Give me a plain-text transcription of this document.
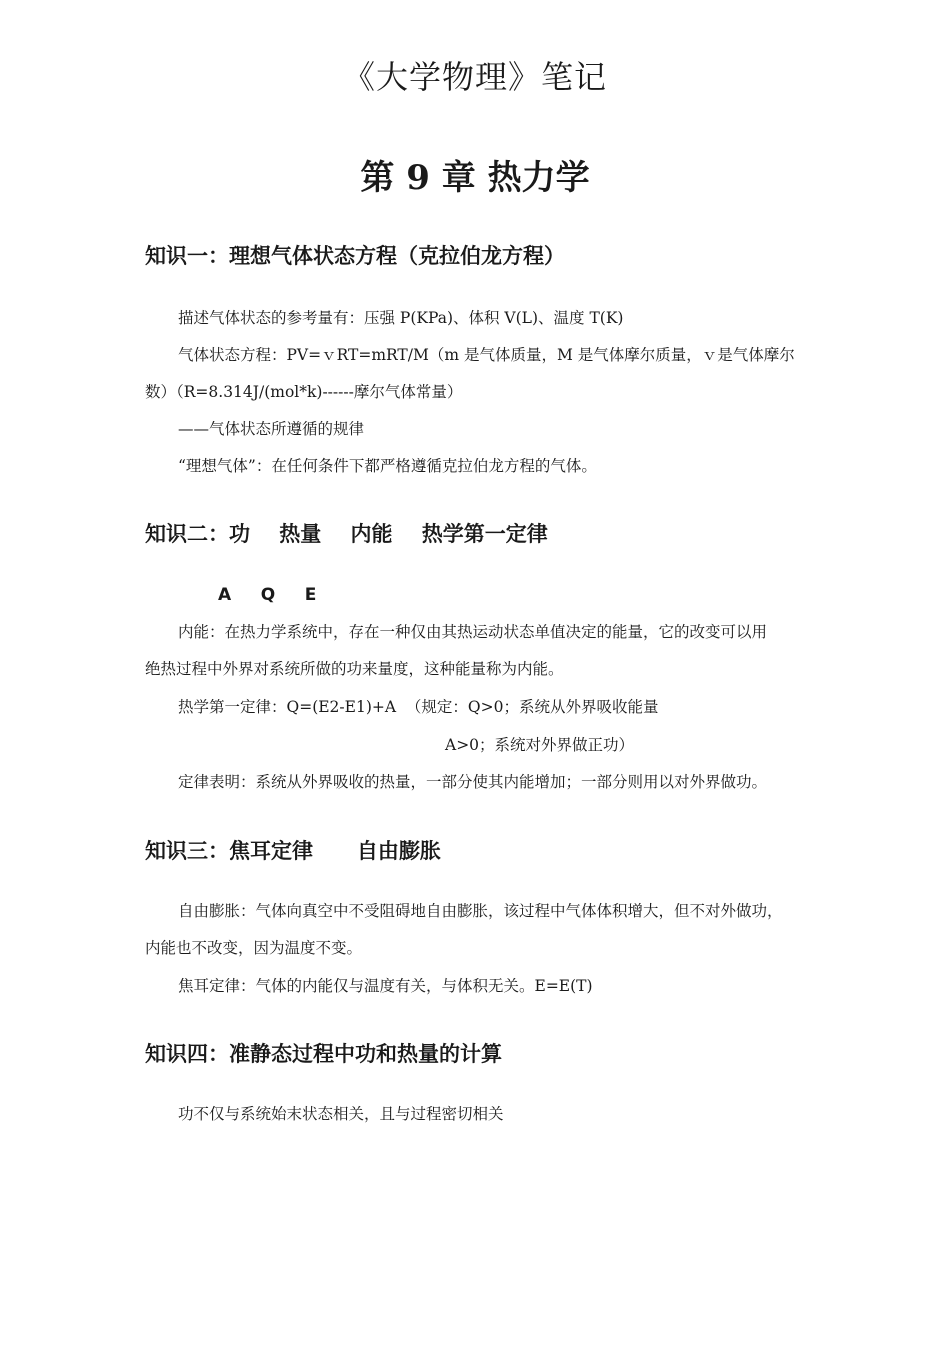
《大学物理》笔记
第 9 章 热力学
知识一：理想气体状态方程（克拉伯龙方程）
描述气体状态的参考量有：压强 P(KPa)、体积 V(L)、温度 T(K)
气体状态方程：PV=ｖRT=mRT/M（m 是气体质量，M 是气体摩尔质量，ｖ是气体摩尔
数）（R=8.314J/(mol*k)------摩尔气体常量）
——气体状态所遵循的规律
“理想气体”：在任何条件下都严格遵循克拉伯龙方程的气体。
知识二：功    热量    内能    热学第一定律
A     Q     E
内能：在热力学系统中，存在一种仅由其热运动状态单值决定的能量，它的改变可以用
绝热过程中外界对系统所做的功来量度，这种能量称为内能。
热学第一定律：Q=(E2-E1)+A  （规定：Q>0；系统从外界吸收能量
A>0；系统对外界做正功）
定律表明：系统从外界吸收的热量，一部分使其内能增加；一部分则用以对外界做功。
知识三：焦耳定律      自由膨胀
自由膨胀：气体向真空中不受阻碍地自由膨胀，该过程中气体体积增大，但不对外做功，
内能也不改变，因为温度不变。
焦耳定律：气体的内能仅与温度有关，与体积无关。E=E(T)
知识四：准静态过程中功和热量的计算
功不仅与系统始末状态相关，且与过程密切相关
